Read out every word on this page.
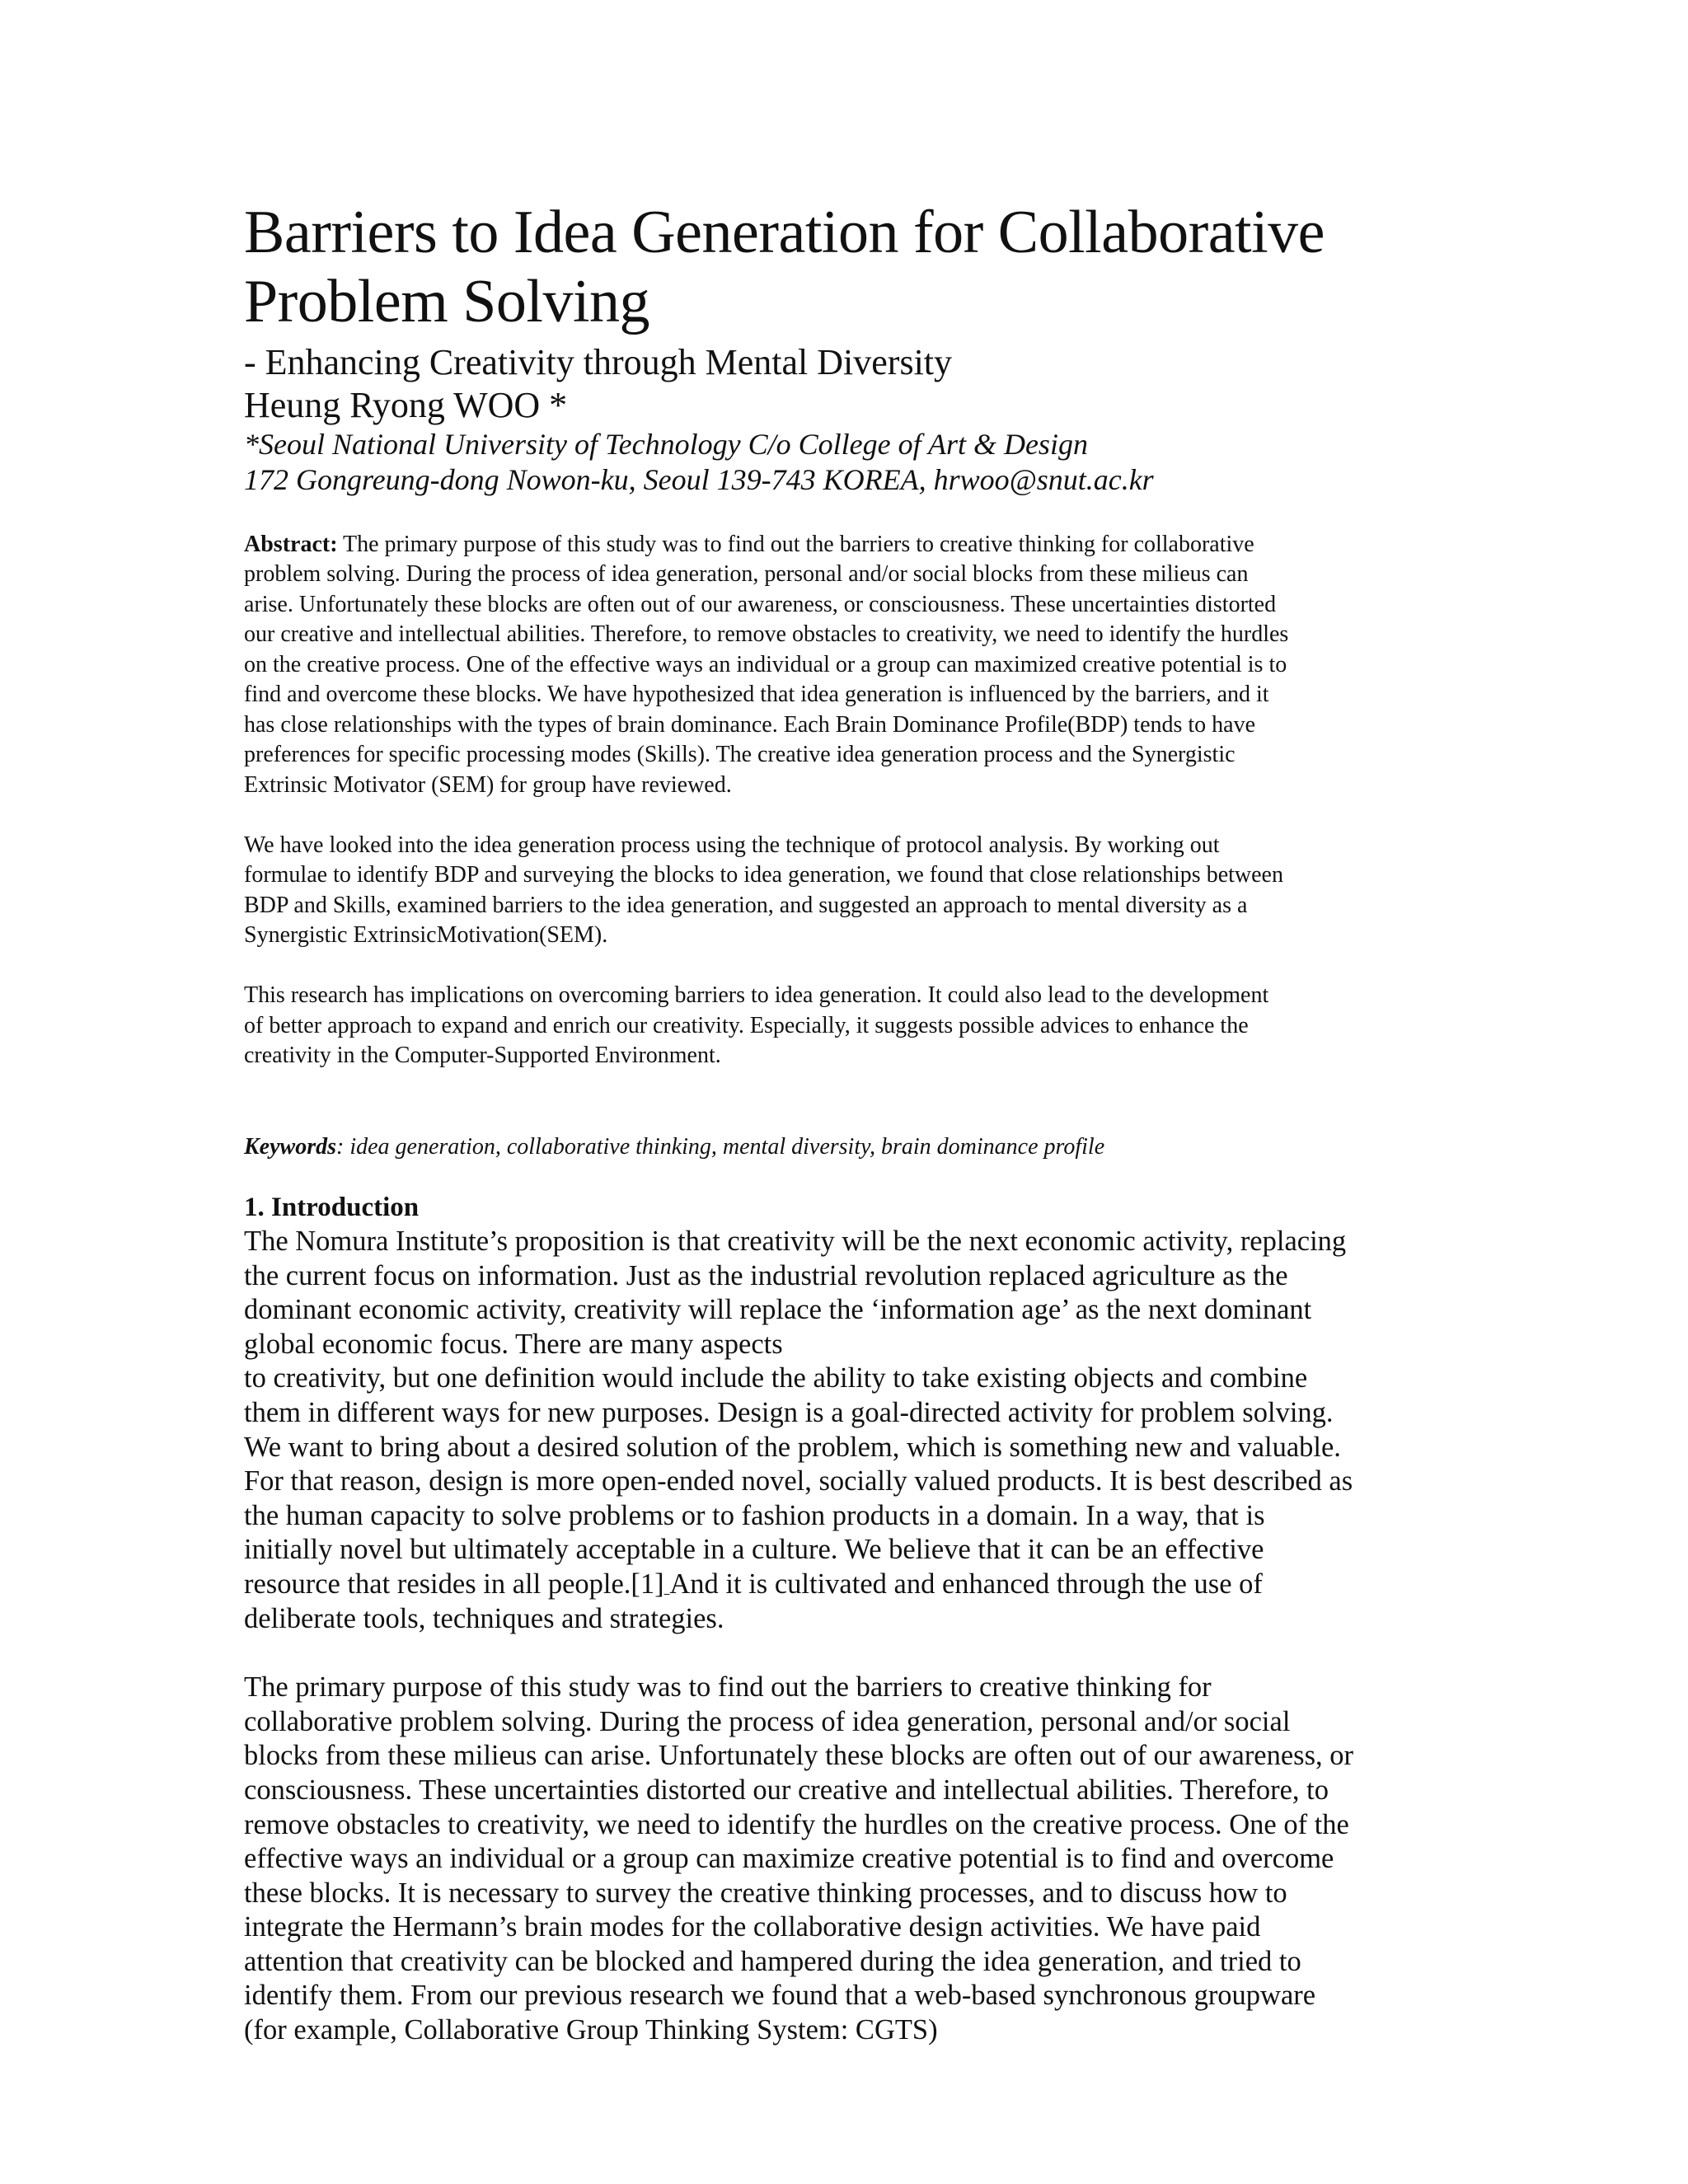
Barriers to Idea Generation for Collaborative
Problem Solving
- Enhancing Creativity through Mental Diversity
Heung Ryong WOO *
*Seoul National University of Technology C/o College of Art & Design
172 Gongreung-dong Nowon-ku, Seoul 139-743 KOREA, hrwoo@snut.ac.kr

Abstract: The primary purpose of this study was to find out the barriers to creative thinking for collaborative
problem solving. During the process of idea generation, personal and/or social blocks from these milieus can
arise. Unfortunately these blocks are often out of our awareness, or consciousness. These uncertainties distorted
our creative and intellectual abilities. Therefore, to remove obstacles to creativity, we need to identify the hurdles
on the creative process. One of the effective ways an individual or a group can maximized creative potential is to
find and overcome these blocks. We have hypothesized that idea generation is influenced by the barriers, and it
has close relationships with the types of brain dominance. Each Brain Dominance Profile(BDP) tends to have
preferences for specific processing modes (Skills). The creative idea generation process and the Synergistic
Extrinsic Motivator (SEM) for group have reviewed.

We have looked into the idea generation process using the technique of protocol analysis. By working out
formulae to identify BDP and surveying the blocks to idea generation, we found that close relationships between
BDP and Skills, examined barriers to the idea generation, and suggested an approach to mental diversity as a
Synergistic ExtrinsicMotivation(SEM).

This research has implications on overcoming barriers to idea generation. It could also lead to the development
of better approach to expand and enrich our creativity. Especially, it suggests possible advices to enhance the
creativity in the Computer-Supported Environment.

Keywords: idea generation, collaborative thinking, mental diversity, brain dominance profile
1. Introduction

The Nomura Institute’s proposition is that creativity will be the next economic activity, replacing
the current focus on information. Just as the industrial revolution replaced agriculture as the
dominant economic activity, creativity will replace the ‘information age’ as the next dominant
global economic focus. There are many aspects
to creativity, but one definition would include the ability to take existing objects and combine
them in different ways for new purposes. Design is a goal-directed activity for problem solving.
We want to bring about a desired solution of the problem, which is something new and valuable.
For that reason, design is more open-ended novel, socially valued products. It is best described as
the human capacity to solve problems or to fashion products in a domain. In a way, that is
initially novel but ultimately acceptable in a culture. We believe that it can be an effective
resource that resides in all people.[1] And it is cultivated and enhanced through the use of
deliberate tools, techniques and strategies.

The primary purpose of this study was to find out the barriers to creative thinking for
collaborative problem solving. During the process of idea generation, personal and/or social
blocks from these milieus can arise. Unfortunately these blocks are often out of our awareness, or
consciousness. These uncertainties distorted our creative and intellectual abilities. Therefore, to
remove obstacles to creativity, we need to identify the hurdles on the creative process. One of the
effective ways an individual or a group can maximize creative potential is to find and overcome
these blocks. It is necessary to survey the creative thinking processes, and to discuss how to
integrate the Hermann’s brain modes for the collaborative design activities. We have paid
attention that creativity can be blocked and hampered during the idea generation, and tried to
identify them. From our previous research we found that a web-based synchronous groupware
(for example, Collaborative Group Thinking System: CGTS)
